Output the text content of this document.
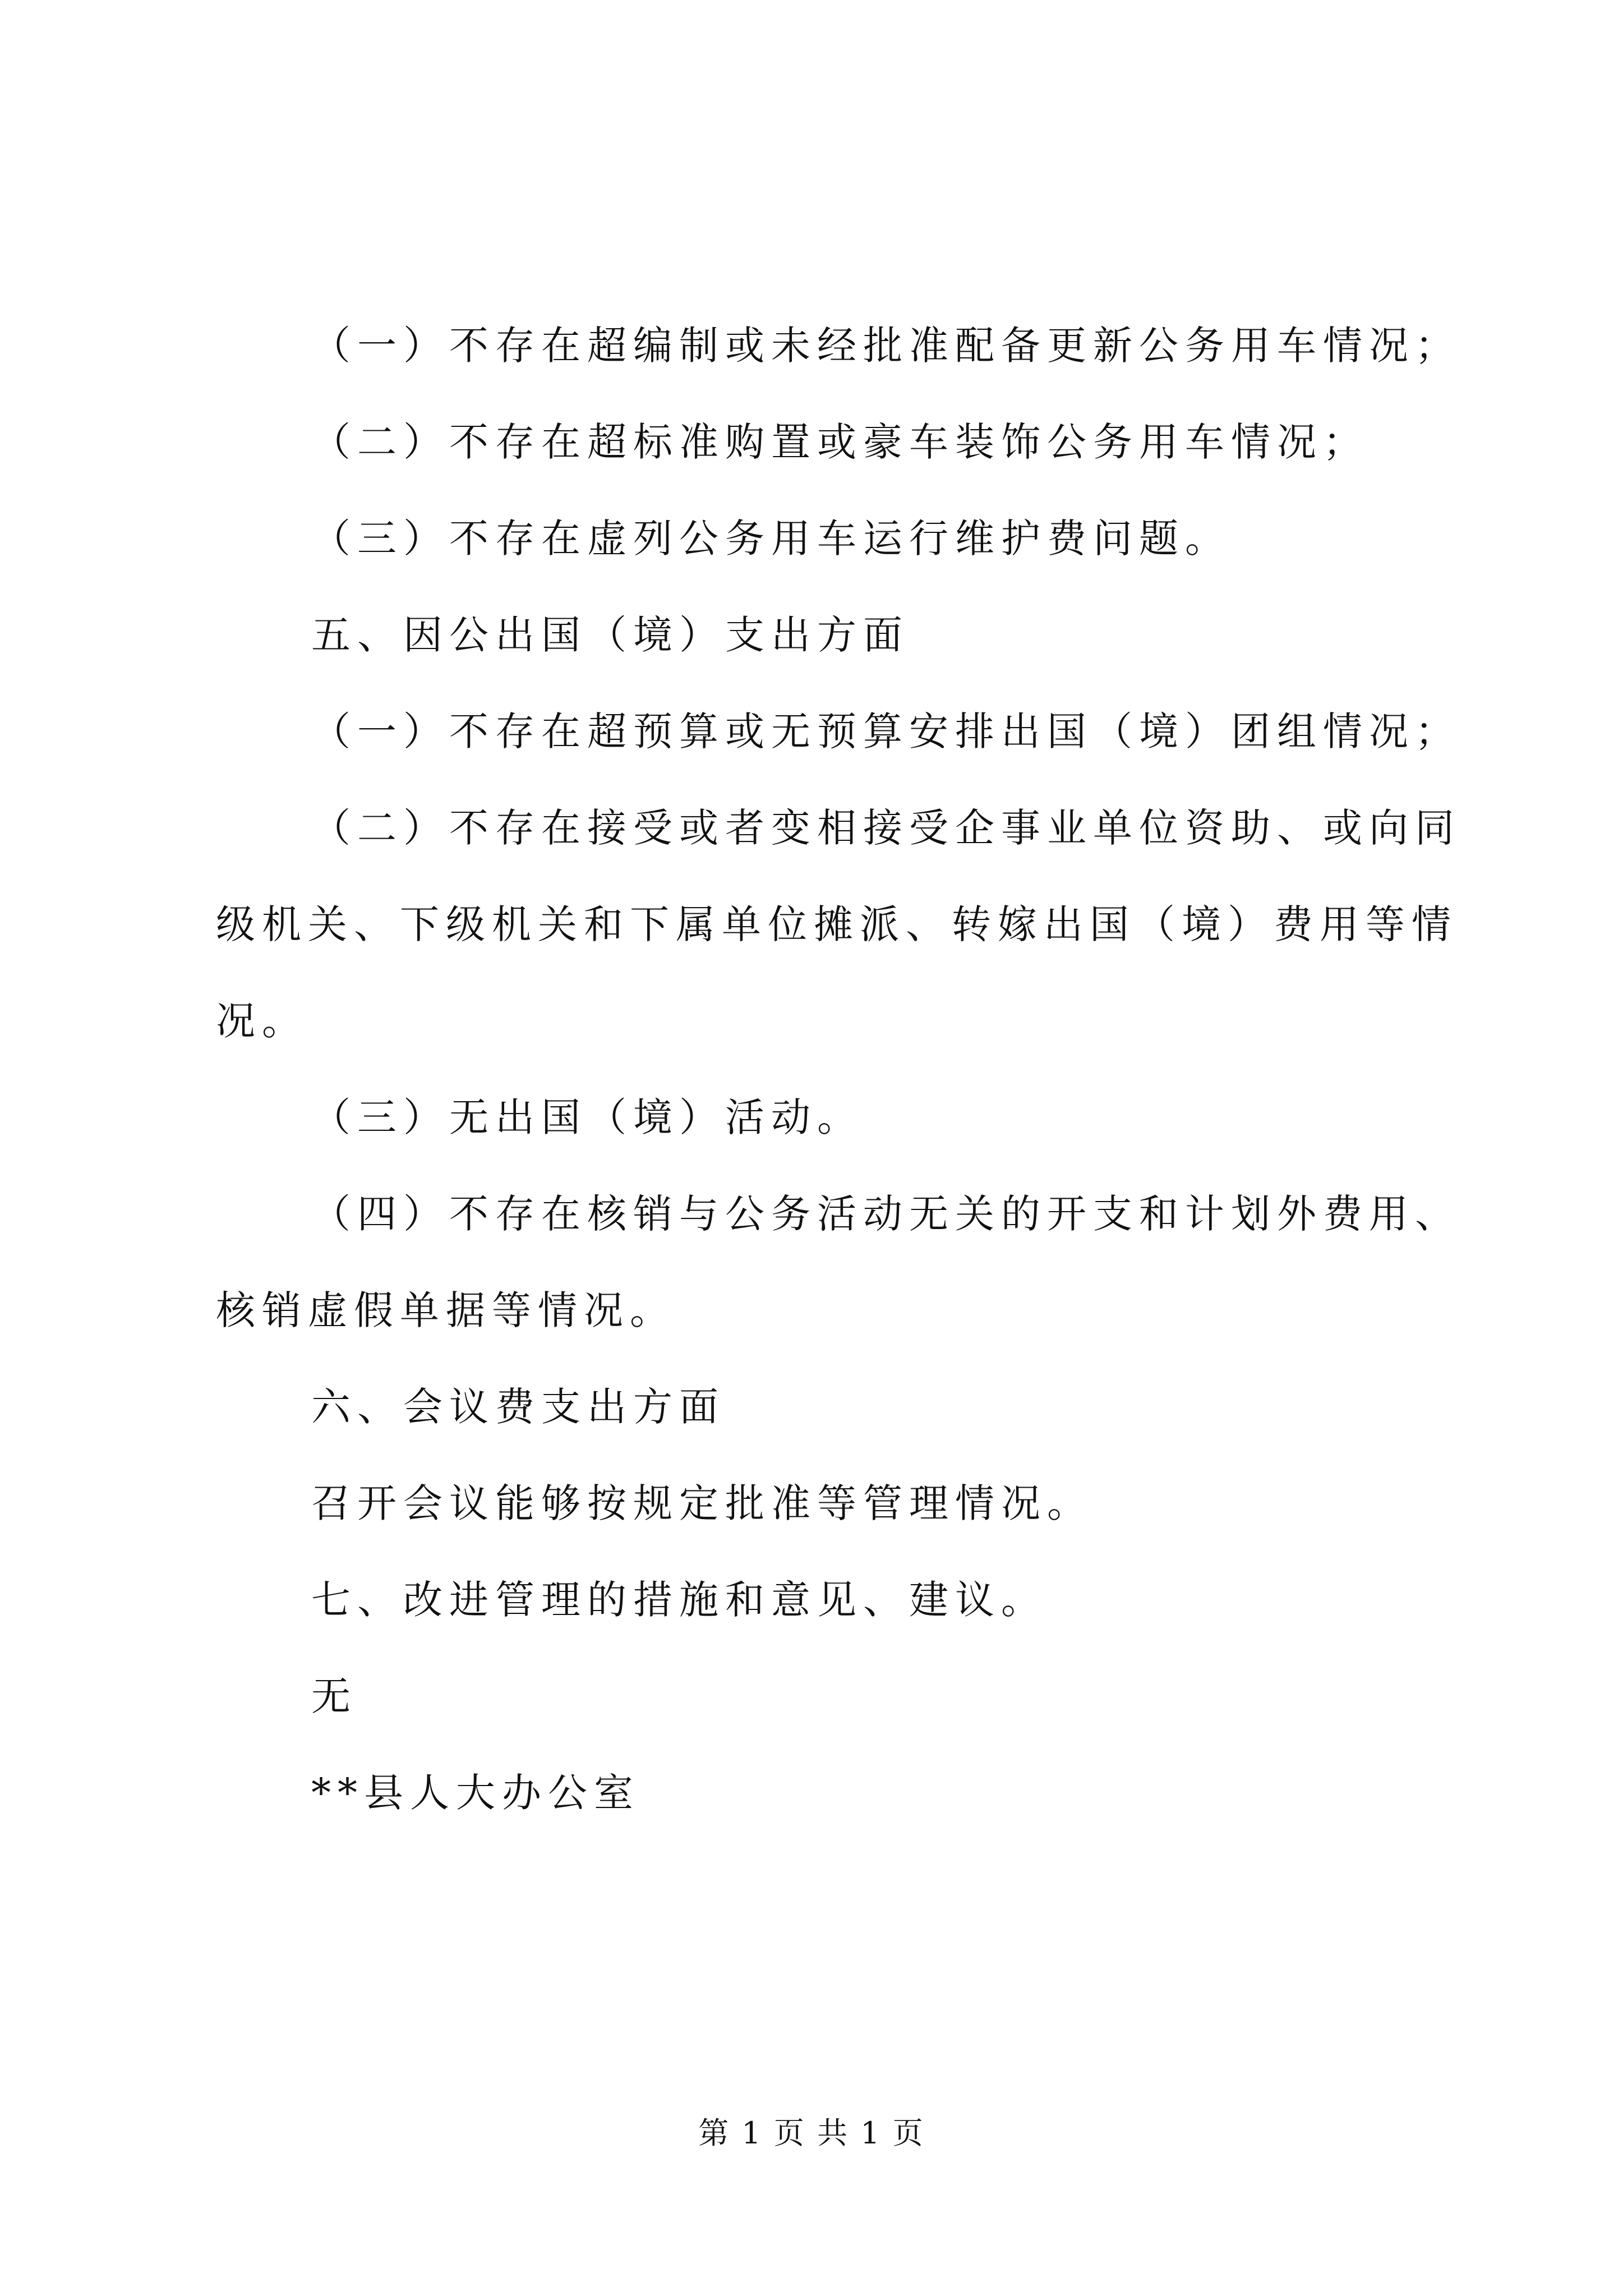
（一）不存在超编制或未经批准配备更新公务用车情况；

（二）不存在超标准购置或豪车装饰公务用车情况；

（三）不存在虚列公务用车运行维护费问题。

五、因公出国（境）支出方面

（一）不存在超预算或无预算安排出国（境）团组情况；

（二）不存在接受或者变相接受企事业单位资助、或向同级机关、下级机关和下属单位摊派、转嫁出国（境）费用等情况。

（三）无出国（境）活动。

（四）不存在核销与公务活动无关的开支和计划外费用、核销虚假单据等情况。

六、会议费支出方面

召开会议能够按规定批准等管理情况。

七、改进管理的措施和意见、建议。

无

**县人大办公室

第 1 页 共 1 页
